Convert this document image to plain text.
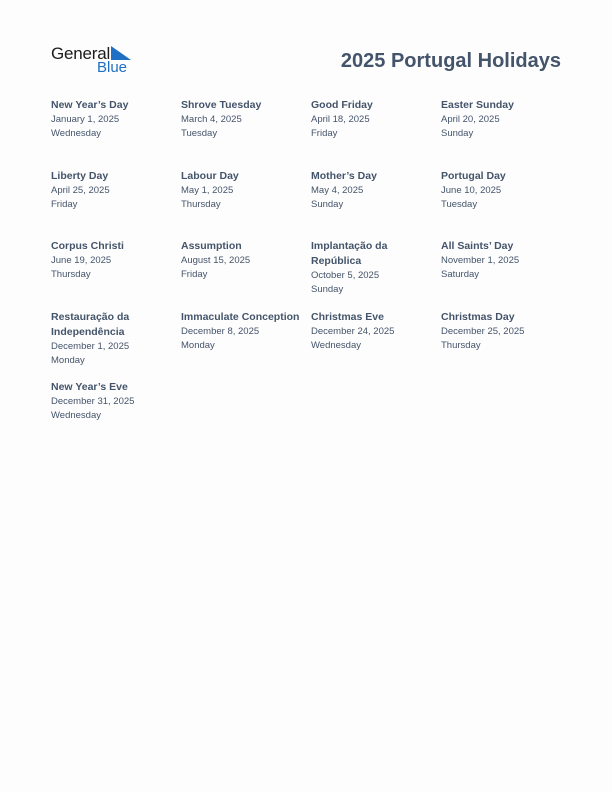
General
Blue	2025 Portugal Holidays
New Year’s Day
January 1, 2025
Wednesday
Shrove Tuesday
March 4, 2025
Tuesday
Good Friday
April 18, 2025
Friday
Easter Sunday
April 20, 2025
Sunday
Liberty Day
April 25, 2025
Friday
Labour Day
May 1, 2025
Thursday
Mother’s Day
May 4, 2025
Sunday
Portugal Day
June 10, 2025
Tuesday
Corpus Christi
June 19, 2025
Thursday
Assumption
August 15, 2025
Friday
Implantação da República
October 5, 2025
Sunday
All Saints’ Day
November 1, 2025
Saturday
Restauração da Independência
December 1, 2025
Monday
Immaculate Conception
December 8, 2025
Monday
Christmas Eve
December 24, 2025
Wednesday
Christmas Day
December 25, 2025
Thursday
New Year’s Eve
December 31, 2025
Wednesday
